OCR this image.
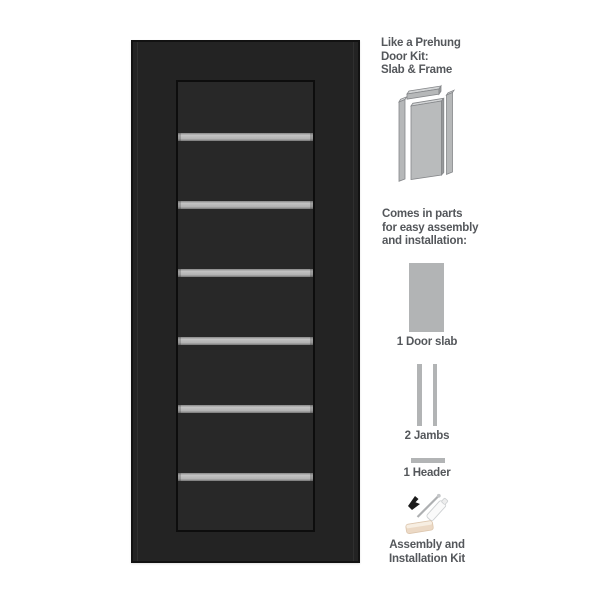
Like a Prehung
Door Kit:
Slab & Frame
Comes in parts
for easy assembly
and installation:
1 Door slab
2 Jambs
1 Header
Assembly and
Installation Kit
